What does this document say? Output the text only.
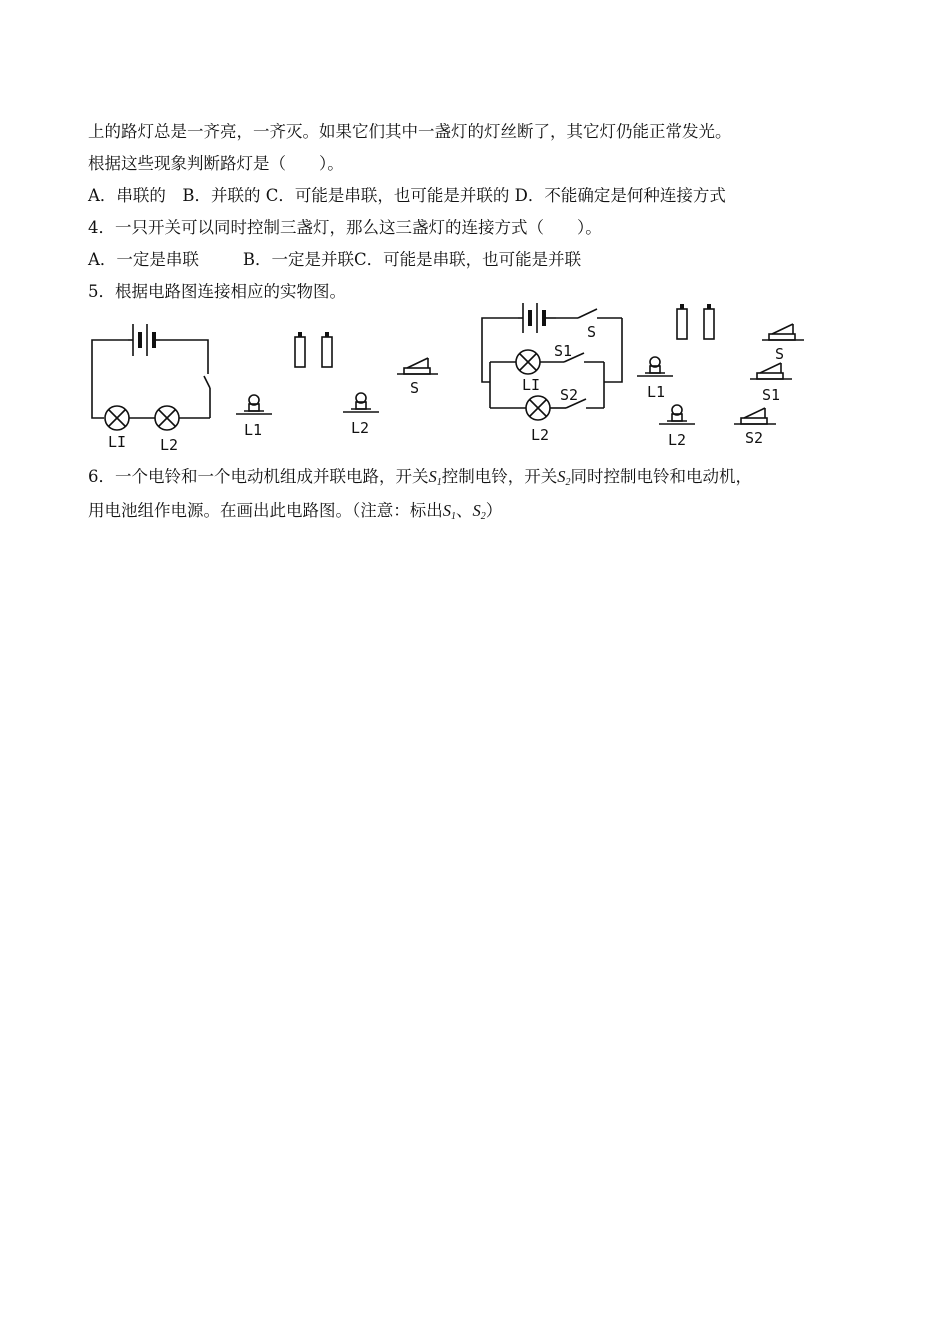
上的路灯总是一齐亮，一齐灭。如果它们其中一盏灯的灯丝断了，其它灯仍能正常发光。
根据这些现象判断路灯是（　　）。
A．串联的　B．并联的 C．可能是串联，也可能是并联的 D．不能确定是何种连接方式
4．一只开关可以同时控制三盏灯，那么这三盏灯的连接方式（　　）。
A．一定是串联	B．一定是并联C．可能是串联，也可能是并联
5．根据电路图连接相应的实物图。
LI L2
L1	L2
S
S
S1
LI
S2
L2
S
S1
S2
L1
L2
6．一个电铃和一个电动机组成并联电路，开关$S_1$控制电铃，开关$S_2$同时控制电铃和电动机，
用电池组作电源。在画出此电路图。（注意：标出$S_1$、$S_2$）
